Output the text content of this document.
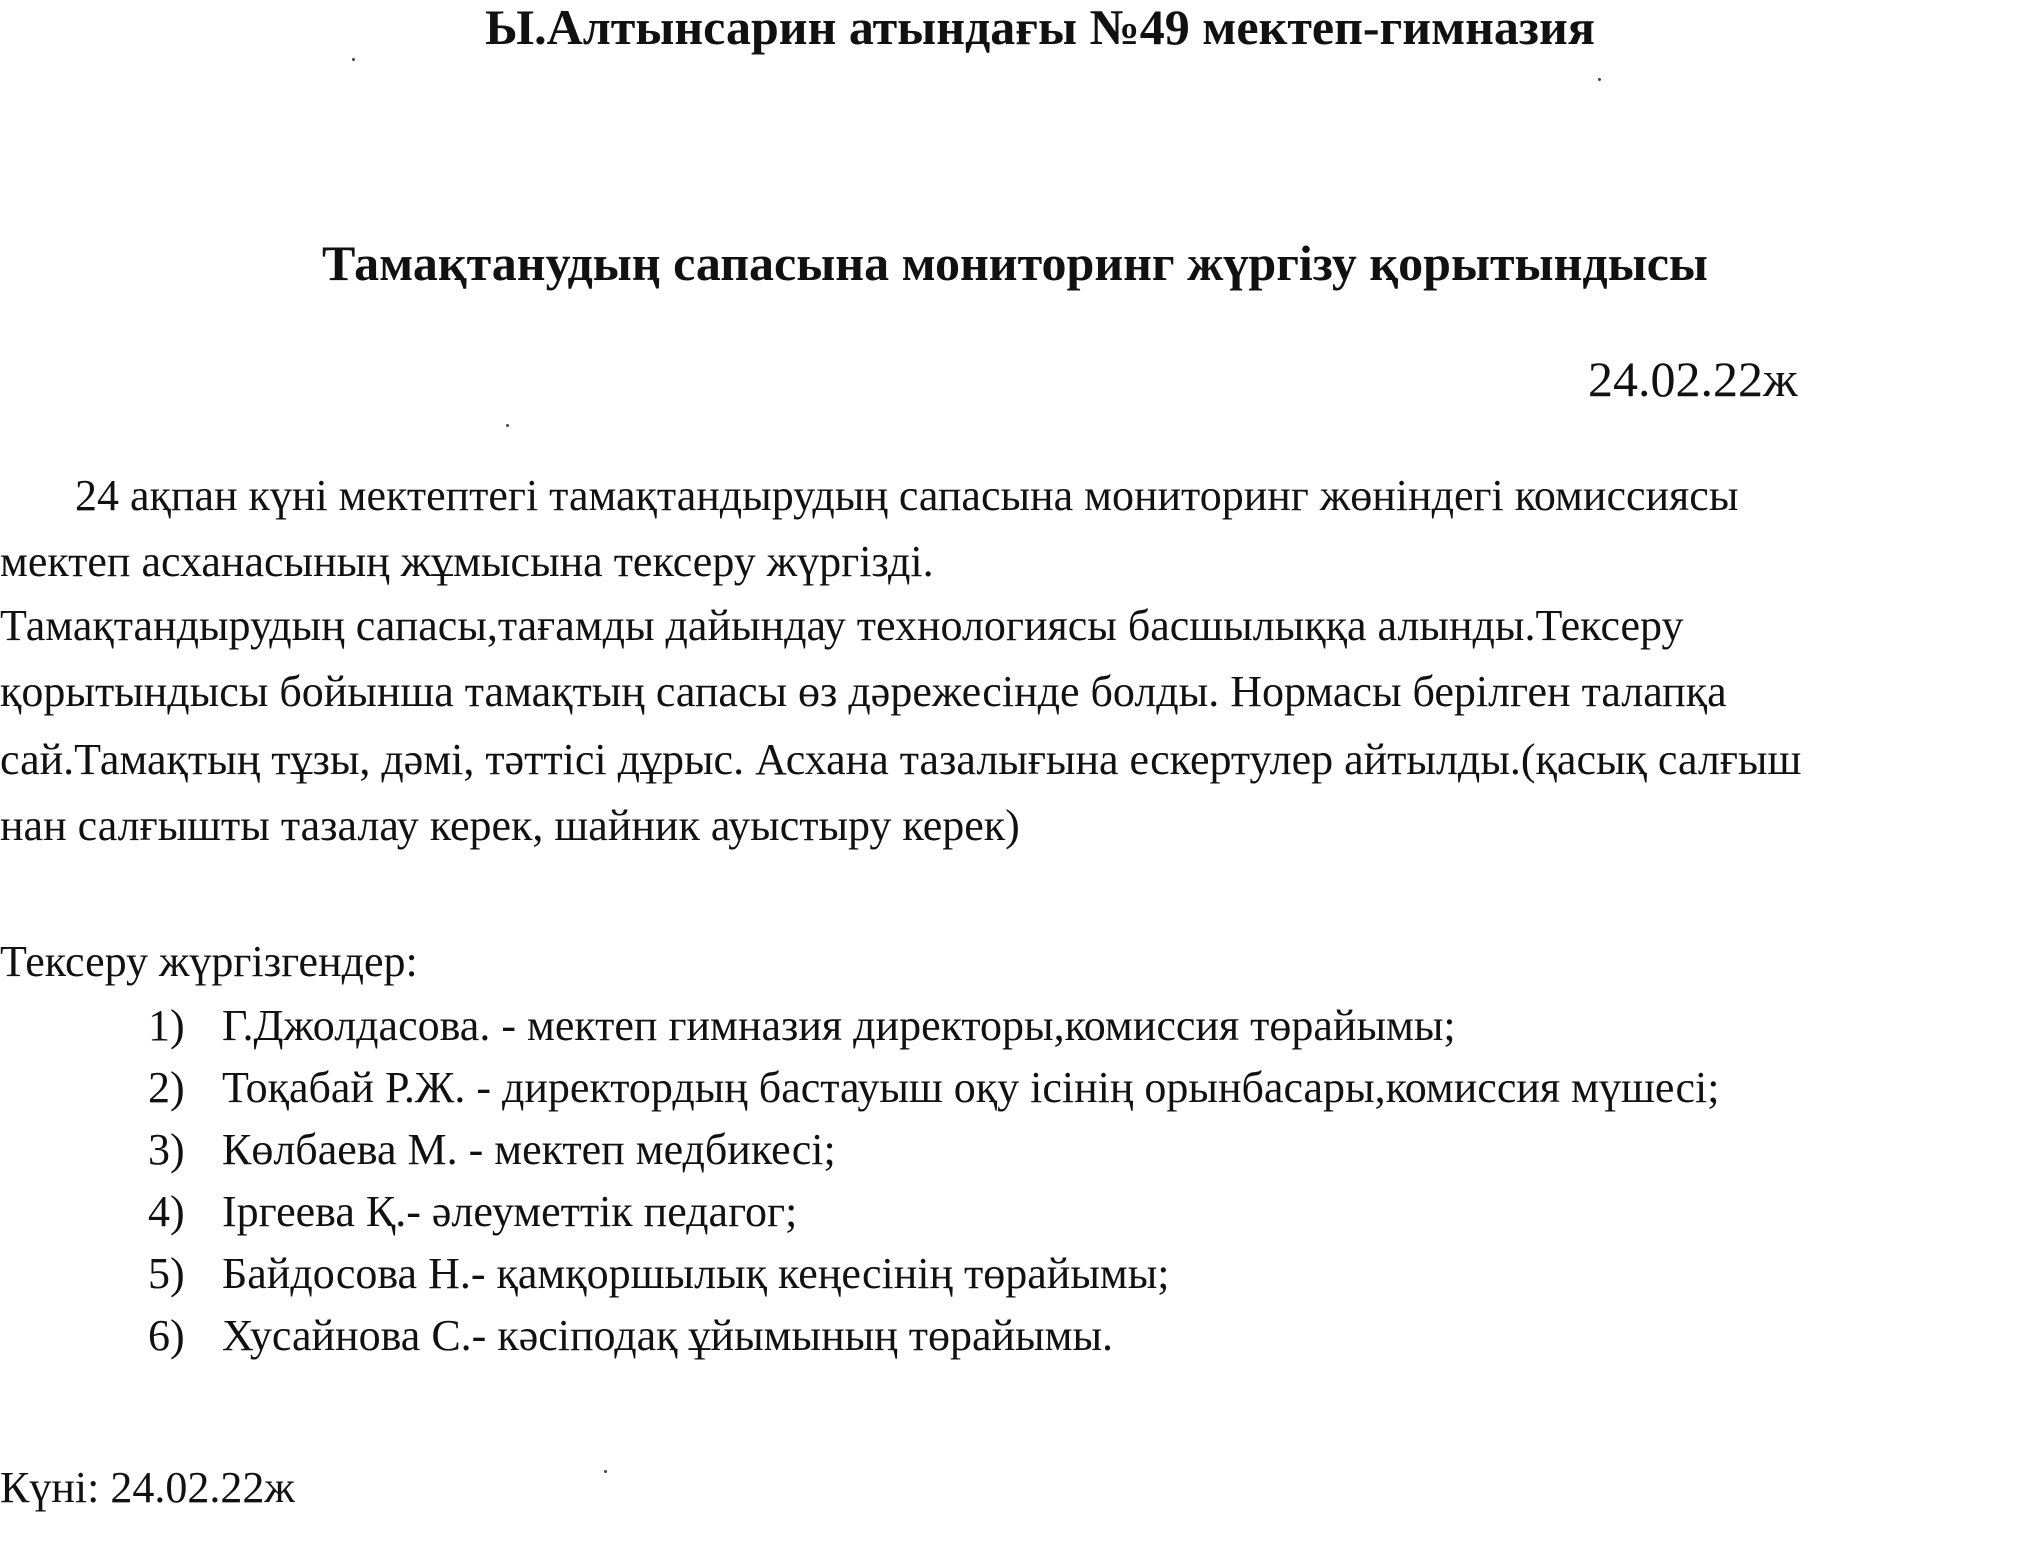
Ы.Алтынсарин атындағы №49 мектеп-гимназия
Тамақтанудың сапасына мониторинг жүргізу қорытындысы
24.02.22ж
24 ақпан күні мектептегі тамақтандырудың сапасына мониторинг жөніндегі комиссиясы
мектеп асханасының жұмысына тексеру жүргізді.
Тамақтандырудың сапасы,тағамды дайындау технологиясы басшылыққа алынды.Тексеру
қорытындысы бойынша тамақтың сапасы өз дәрежесінде болды. Нормасы берілген талапқа
сай.Тамақтың тұзы, дәмі, тәттісі дұрыс. Асхана тазалығына ескертулер айтылды.(қасық салғыш
нан салғышты тазалау керек, шайник ауыстыру керек)
Тексеру жүргізгендер:
1) Г.Джолдасова. - мектеп гимназия директоры,комиссия төрайымы;
2) Тоқабай Р.Ж. - директордың бастауыш оқу ісінің орынбасары,комиссия мүшесі;
3) Көлбаева М. - мектеп медбикесі;
4) Іргеева Қ.- әлеуметтік педагог;
5) Байдосова Н.- қамқоршылық кеңесінің төрайымы;
6) Хусайнова С.- кәсіподақ ұйымының төрайымы.
Күні: 24.02.22ж
